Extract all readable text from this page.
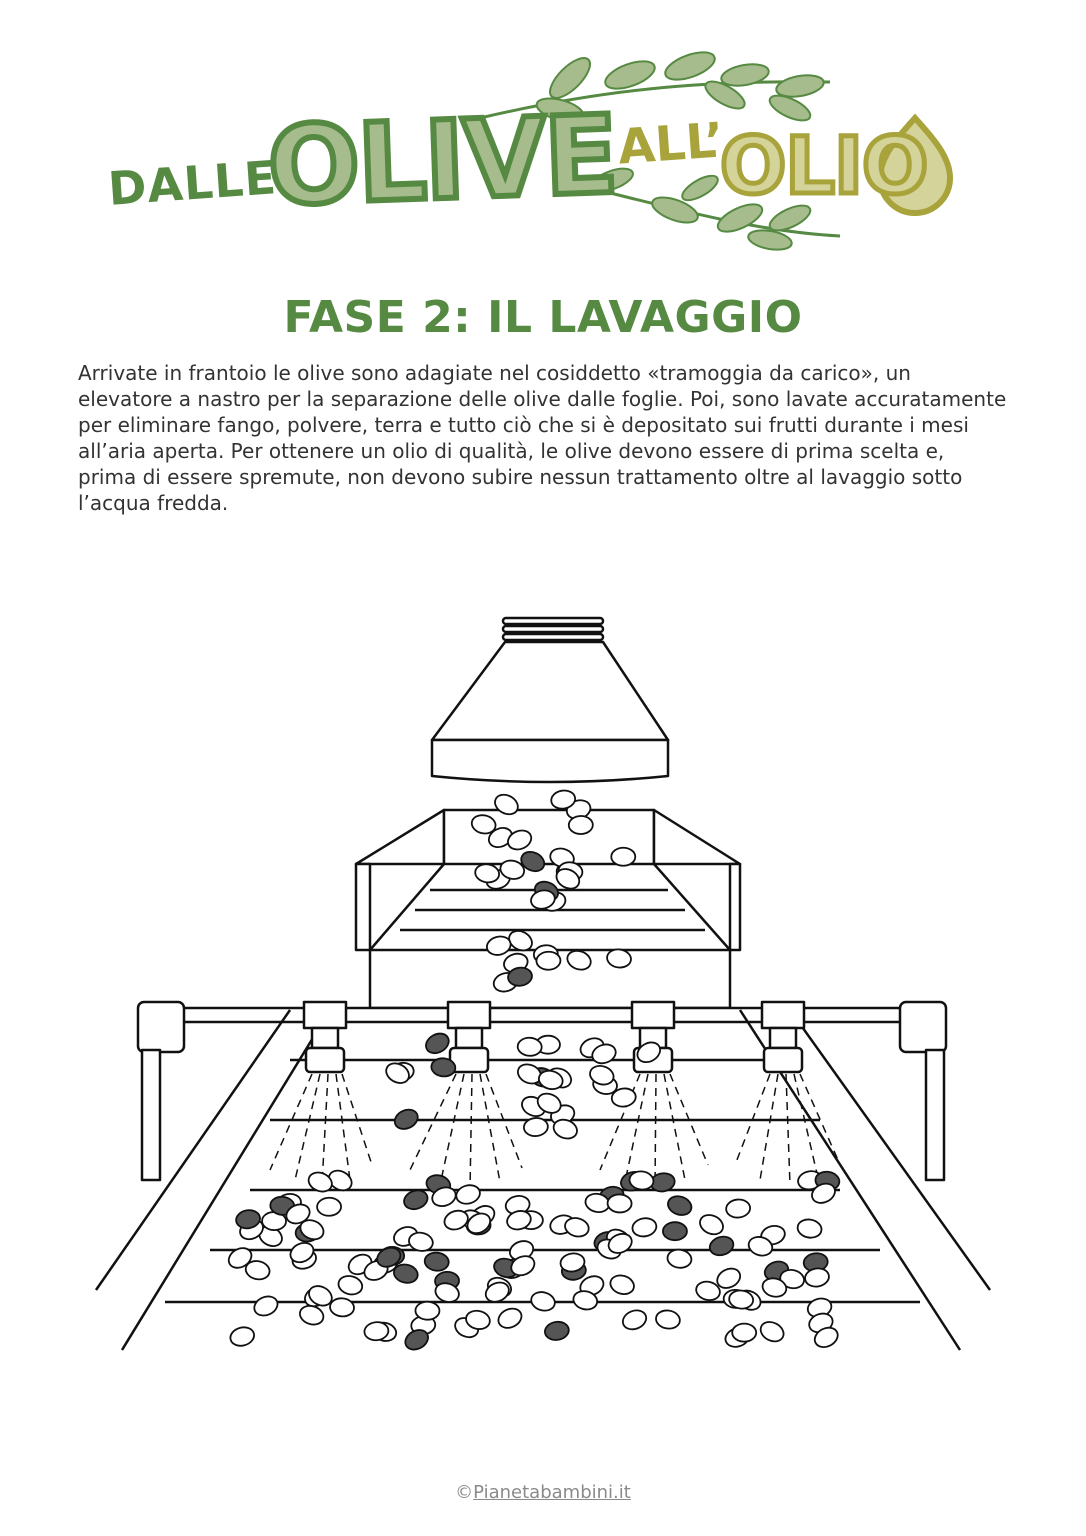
DALLE
OLIVE
ALL’
OLIO
FASE 2: IL LAVAGGIO

Arrivate in frantoio le olive sono adagiate nel cosiddetto «tramoggia da carico», un elevatore a nastro per la separazione delle olive dalle foglie. Poi, sono lavate accuratamente per eliminare fango, polvere, terra e tutto ciò che si è depositato sui frutti durante i mesi all’aria aperta. Per ottenere un olio di qualità, le olive devono essere di prima scelta e, prima di essere spremute, non devono subire nessun trattamento oltre al lavaggio sotto l’acqua fredda.

©Pianetabambini.it
